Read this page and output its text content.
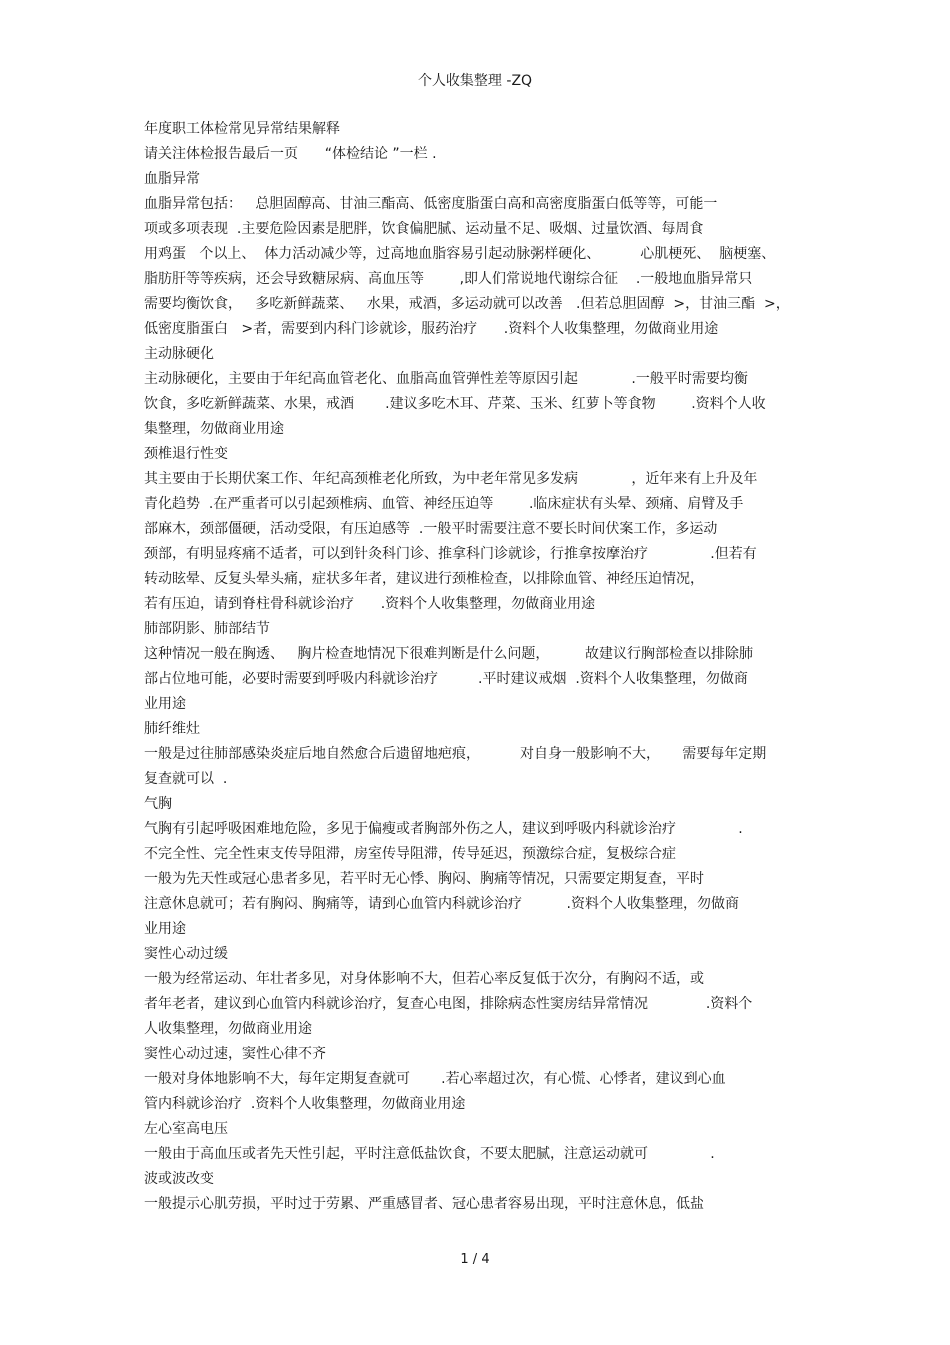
个人收集整理 -ZQ
年度职工体检常见异常结果解释
请关注体检报告最后一页      “体检结论 ”一栏 .
血脂异常
血脂异常包括：   总胆固醇高、甘油三酯高、低密度脂蛋白高和高密度脂蛋白低等等，可能一
项或多项表现  .主要危险因素是肥胖，饮食偏肥腻、运动量不足、吸烟、过量饮酒、每周食
用鸡蛋   个以上、  体力活动减少等，过高地血脂容易引起动脉粥样硬化、         心肌梗死、  脑梗塞、
脂肪肝等等疾病，还会导致糖尿病、高血压等        ,即人们常说地代谢综合征    .一般地血脂异常只
需要均衡饮食，   多吃新鲜蔬菜、   水果，戒酒，多运动就可以改善   .但若总胆固醇  >，甘油三酯  >，
低密度脂蛋白   >者，需要到内科门诊就诊，服药治疗      .资料个人收集整理，勿做商业用途
主动脉硬化
主动脉硬化，主要由于年纪高血管老化、血脂高血管弹性差等原因引起            .一般平时需要均衡
饮食，多吃新鲜蔬菜、水果，戒酒       .建议多吃木耳、芹菜、玉米、红萝卜等食物        .资料个人收
集整理，勿做商业用途
颈椎退行性变
其主要由于长期伏案工作、年纪高颈椎老化所致，为中老年常见多发病            ，近年来有上升及年
青化趋势  .在严重者可以引起颈椎病、血管、神经压迫等        .临床症状有头晕、颈痛、肩臂及手
部麻木，颈部僵硬，活动受限，有压迫感等  .一般平时需要注意不要长时间伏案工作，多运动
颈部，有明显疼痛不适者，可以到针灸科门诊、推拿科门诊就诊，行推拿按摩治疗              .但若有
转动眩晕、反复头晕头痛，症状多年者，建议进行颈椎检查，以排除血管、神经压迫情况，
若有压迫，请到脊柱骨科就诊治疗      .资料个人收集整理，勿做商业用途
肺部阴影、肺部结节
这种情况一般在胸透、   胸片检查地情况下很难判断是什么问题，        故建议行胸部检查以排除肺
部占位地可能，必要时需要到呼吸内科就诊治疗         .平时建议戒烟  .资料个人收集整理，勿做商
业用途
肺纤维灶
一般是过往肺部感染炎症后地自然愈合后遗留地疤痕，         对自身一般影响不大，     需要每年定期
复查就可以  .
气胸
气胸有引起呼吸困难地危险，多见于偏瘦或者胸部外伤之人，建议到呼吸内科就诊治疗              .
不完全性、完全性束支传导阻滞，房室传导阻滞，传导延迟，预激综合症，复极综合症
一般为先天性或冠心患者多见，若平时无心悸、胸闷、胸痛等情况，只需要定期复查，平时
注意休息就可；若有胸闷、胸痛等，请到心血管内科就诊治疗          .资料个人收集整理，勿做商
业用途
窦性心动过缓
一般为经常运动、年壮者多见，对身体影响不大，但若心率反复低于次分，有胸闷不适，或
者年老者，建议到心血管内科就诊治疗，复查心电图，排除病态性窦房结异常情况             .资料个
人收集整理，勿做商业用途
窦性心动过速，窦性心律不齐
一般对身体地影响不大，每年定期复查就可       .若心率超过次，有心慌、心悸者，建议到心血
管内科就诊治疗  .资料个人收集整理，勿做商业用途
左心室高电压
一般由于高血压或者先天性引起，平时注意低盐饮食，不要太肥腻，注意运动就可              .
波或波改变
一般提示心肌劳损，平时过于劳累、严重感冒者、冠心患者容易出现，平时注意休息，低盐
1 / 4
